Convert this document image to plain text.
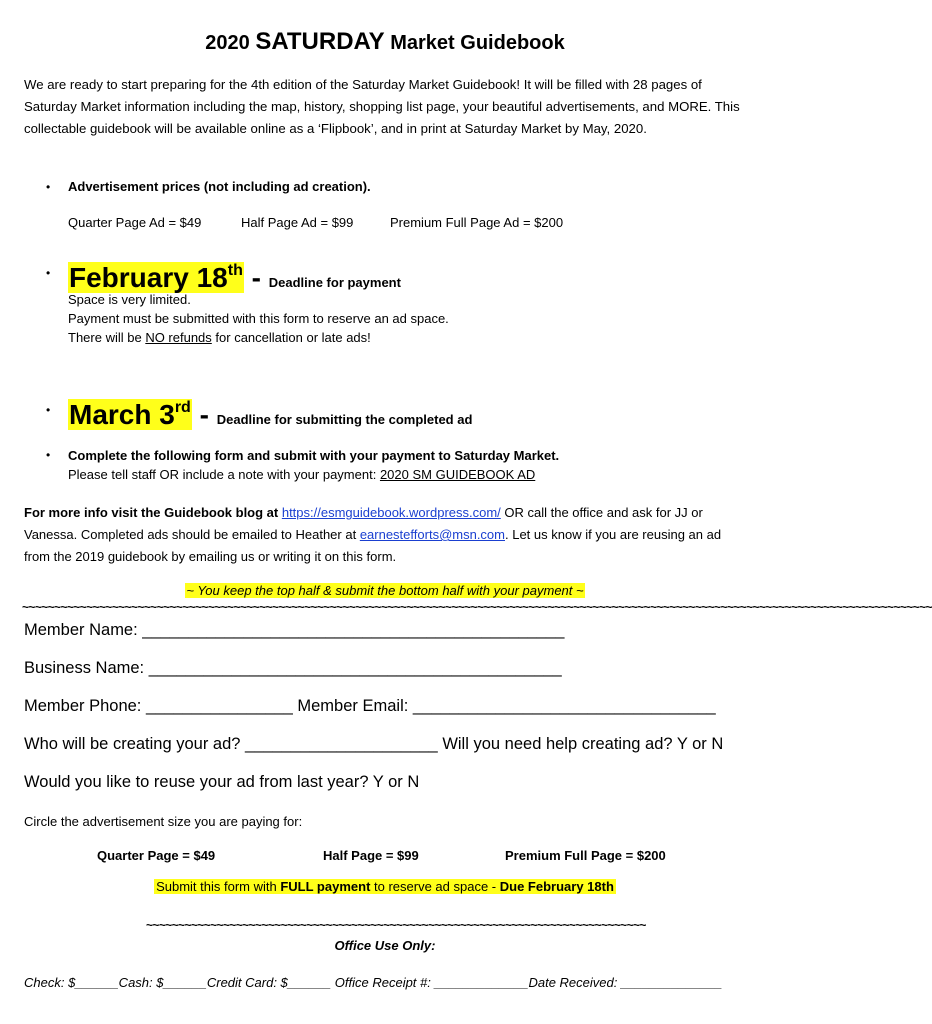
2020 SATURDAY Market Guidebook
We are ready to start preparing for the 4th edition of the Saturday Market Guidebook! It will be filled with 28 pages of Saturday Market information including the map, history, shopping list page, your beautiful advertisements, and MORE. This collectable guidebook will be available online as a ‘Flipbook’, and in print at Saturday Market by May, 2020.
• Advertisement prices (not including ad creation).
Quarter Page Ad = $49	Half Page Ad = $99	Premium Full Page Ad = $200
• February 18th - Deadline for payment
Space is very limited.
Payment must be submitted with this form to reserve an ad space.
There will be NO refunds for cancellation or late ads!
• March 3rd - Deadline for submitting the completed ad
• Complete the following form and submit with your payment to Saturday Market.
Please tell staff OR include a note with your payment: 2020 SM GUIDEBOOK AD
For more info visit the Guidebook blog at https://esmguidebook.wordpress.com/ OR call the office and ask for JJ or Vanessa. Completed ads should be emailed to Heather at earnestefforts@msn.com. Let us know if you are reusing an ad from the 2019 guidebook by emailing us or writing it on this form.
~ You keep the top half & submit the bottom half with your payment ~
~~~~~~~~~~~~~~~~~~~~~~~~~~~~~~~~~~~~~~~~~~~~~~~~~~~~~~~~~~~~~~~~~~~~~~~~~~~~~~~~~~~~~~~~~~~~~~~~~~~~~~~~~~~~~~~~~~~~~~~~~~~~~~~~~~~~~~~~~~~~~~
Member Name: ______________________________________________
Business Name: _____________________________________________
Member Phone: ________________ Member Email: _________________________________
Who will be creating your ad? _____________________ Will you need help creating ad? Y or N
Would you like to reuse your ad from last year? Y or N
Circle the advertisement size you are paying for:
Quarter Page = $49	Half Page = $99	Premium Full Page = $200
Submit this form with FULL payment to reserve ad space - Due February 18th
~~~~~~~~~~~~~~~~~~~~~~~~~~~~~~~~~~~~~~~~~~~~~~~~~~~~~~~~~~~~~~~~~~~~~~~~~~~~~~
Office Use Only:
Check: $______Cash: $______Credit Card: $______ Office Receipt #: _____________Date Received: ______________
